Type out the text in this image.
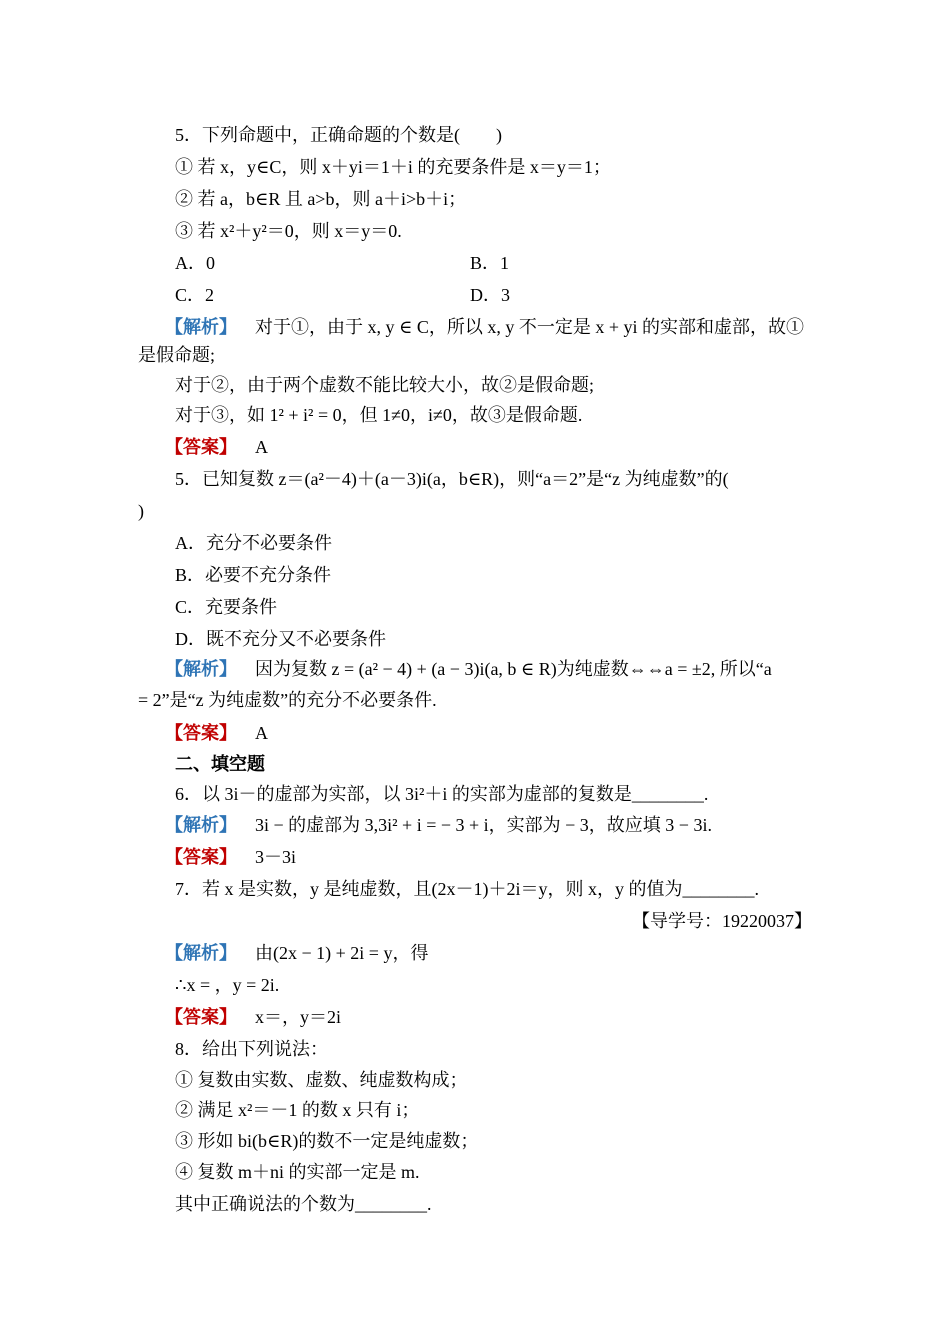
5．下列命题中，正确命题的个数是(　　)
① 若 x，y∈C，则 x＋yi＝1＋i 的充要条件是 x＝y＝1；
② 若 a，b∈R 且 a>b，则 a＋i>b＋i；
③ 若 x²＋y²＝0，则 x＝y＝0.
A．0	B．1
C．2	D．3
【解析】 对于①，由于 x, y ∈ C，所以 x, y 不一定是 x + yi 的实部和虚部，故①
是假命题;
对于②，由于两个虚数不能比较大小，故②是假命题;
对于③，如 1² + i² = 0，但 1≠0，i≠0，故③是假命题.
【答案】 A
5．已知复数 z＝(a²－4)＋(a－3)i(a，b∈R)，则“a＝2”是“z 为纯虚数”的(
)
A．充分不必要条件
B．必要不充分条件
C．充要条件
D．既不充分又不必要条件
【解析】 因为复数 z = (a² − 4) + (a − 3)i(a, b ∈ R)为纯虚数⇔⇔a = ±2, 所以“a
= 2”是“z 为纯虚数”的充分不必要条件.
【答案】 A
二、填空题
6．以 3i－的虚部为实部，以 3i²＋i 的实部为虚部的复数是________.
【解析】 3i − 的虚部为 3,3i² + i = − 3 + i，实部为 − 3，故应填 3 − 3i.
【答案】 3－3i
7．若 x 是实数，y 是纯虚数，且(2x－1)＋2i＝y，则 x，y 的值为________.
【导学号：19220037】
【解析】 由(2x − 1) + 2i = y，得
∴x = ，y = 2i.
【答案】 x＝，y＝2i
8．给出下列说法：
① 复数由实数、虚数、纯虚数构成；
② 满足 x²＝－1 的数 x 只有 i；
③ 形如 bi(b∈R)的数不一定是纯虚数；
④ 复数 m＋ni 的实部一定是 m.
其中正确说法的个数为________.
